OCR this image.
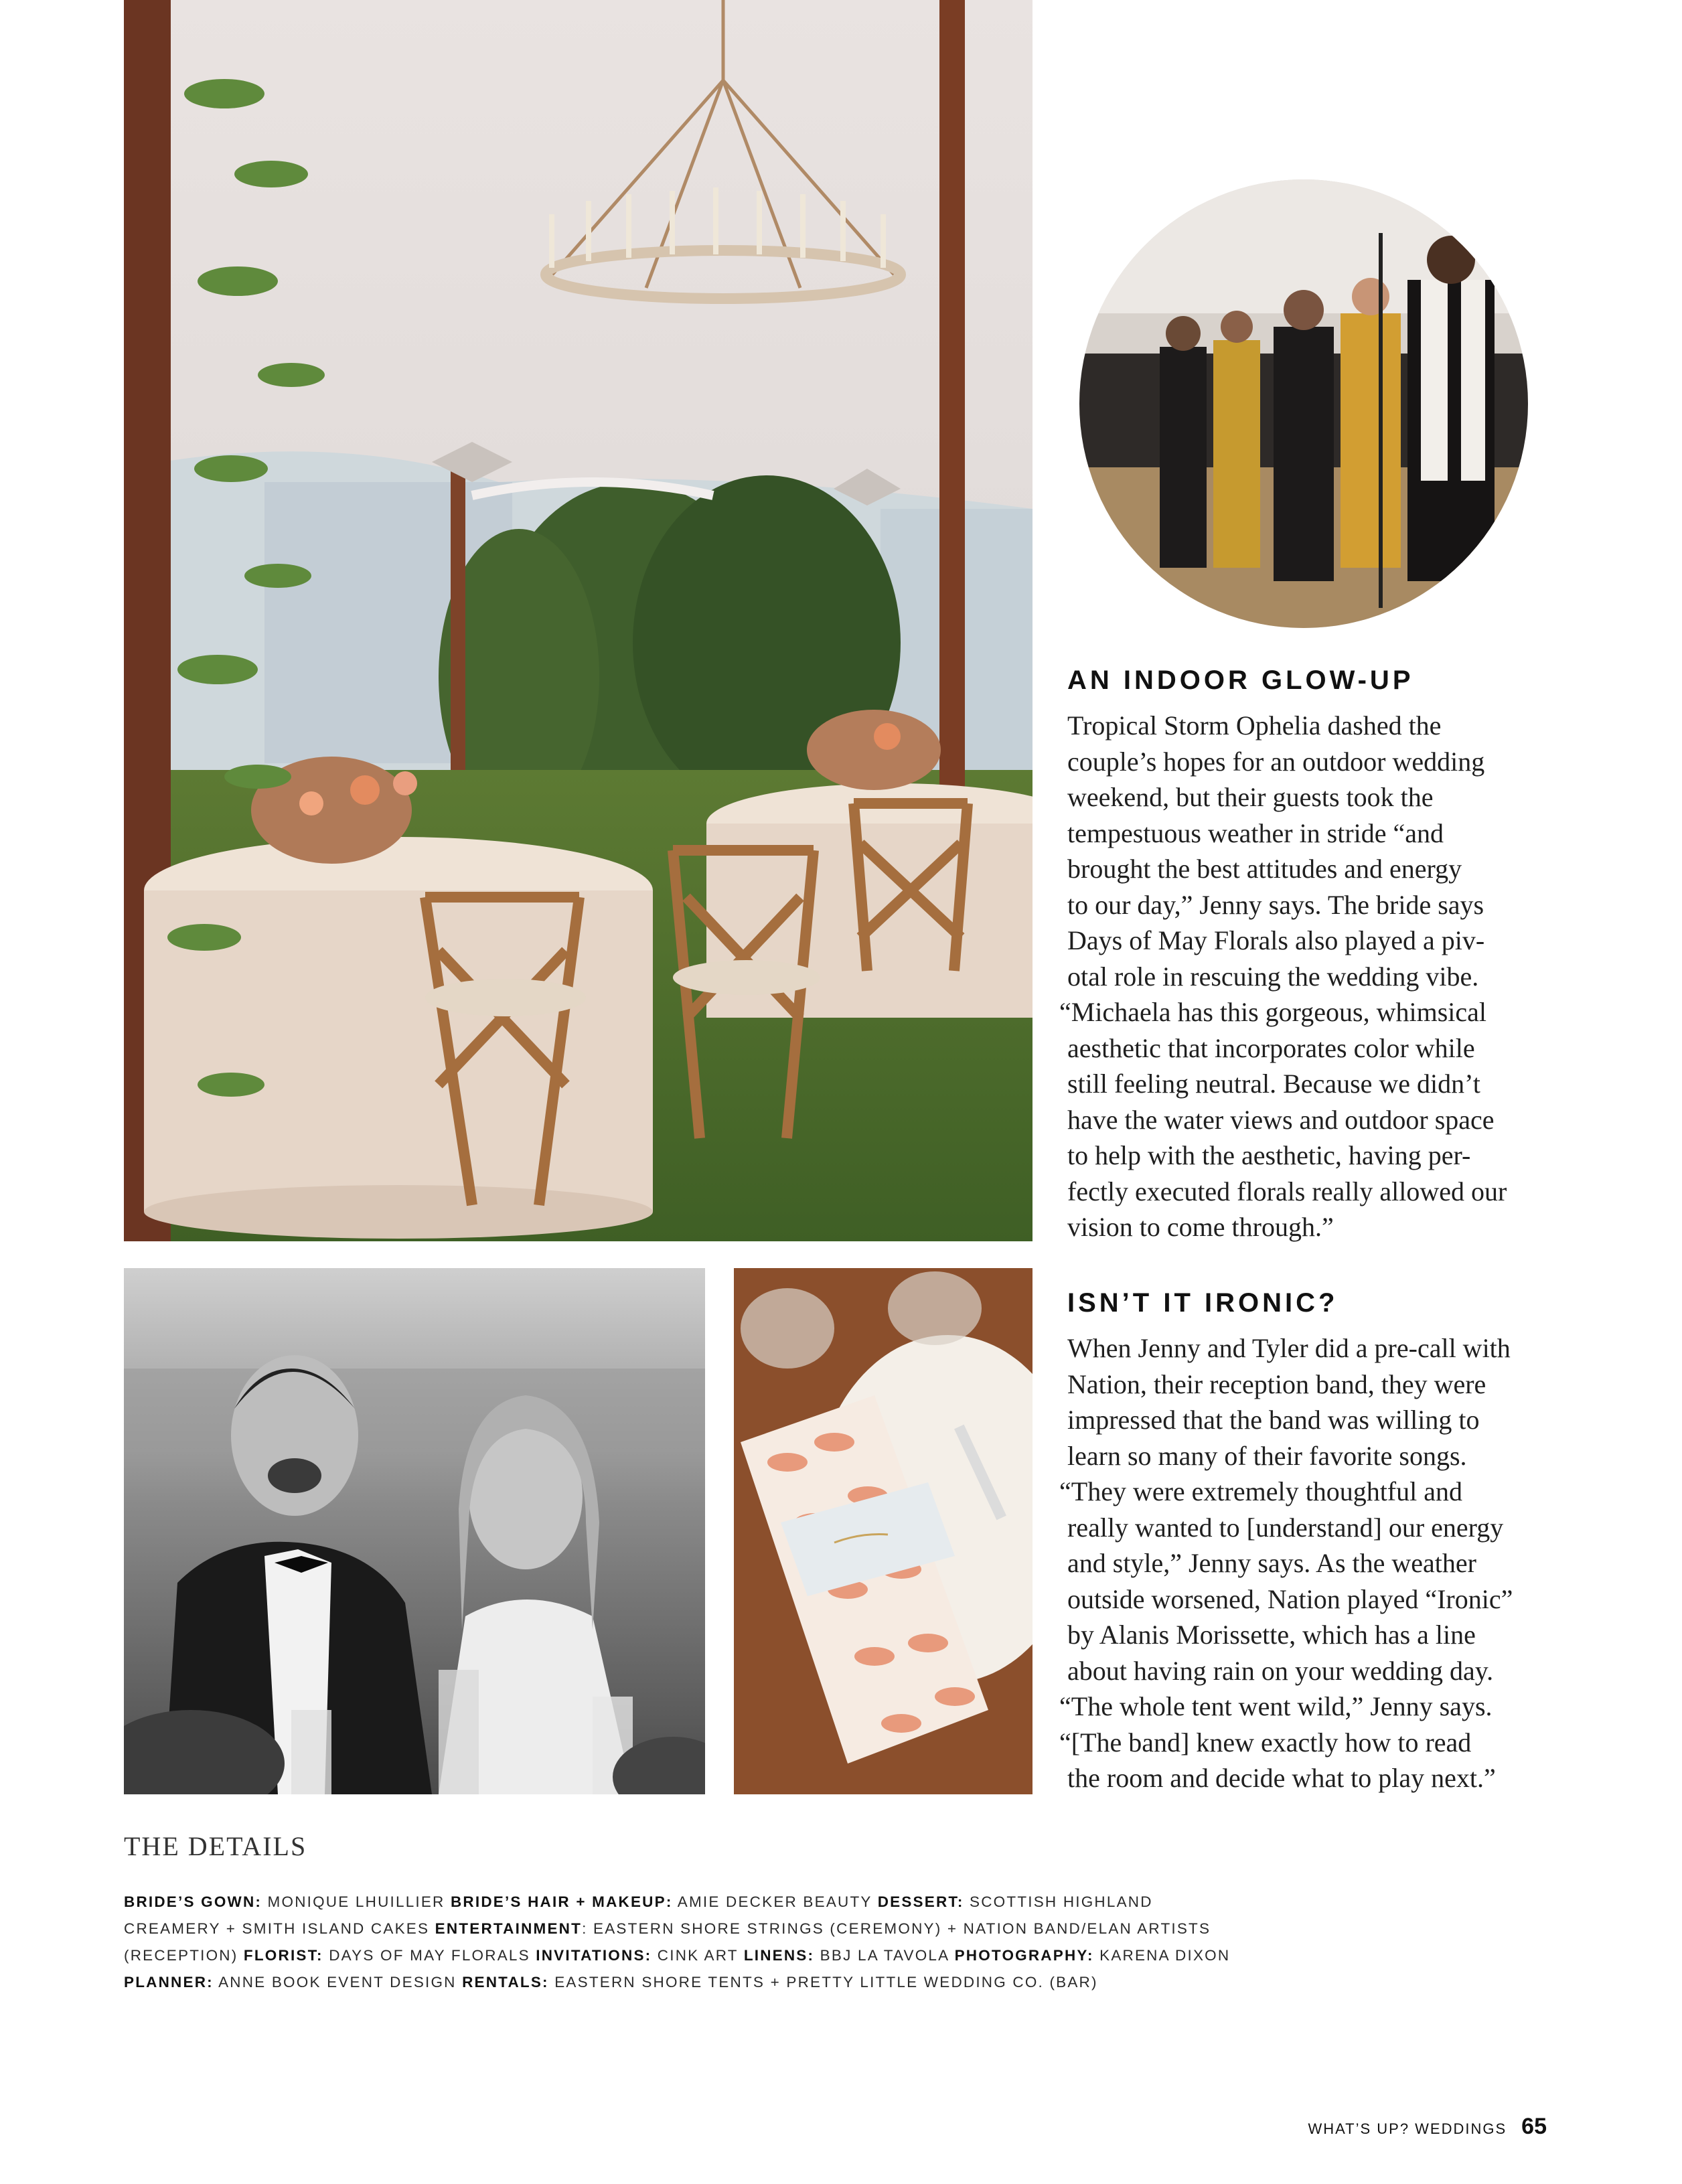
AN INDOOR GLOW-UP

Tropical Storm Ophelia dashed the

couple’s hopes for an outdoor wedding

weekend, but their guests took the

tempestuous weather in stride “and

brought the best attitudes and energy

to our day,” Jenny says. The bride says

Days of May Florals also played a piv-

otal role in rescuing the wedding vibe.

“Michaela has this gorgeous, whimsical

aesthetic that incorporates color while

still feeling neutral. Because we didn’t

have the water views and outdoor space

to help with the aesthetic, having per-

fectly executed florals really allowed our

vision to come through.”

ISN’T IT IRONIC?

When Jenny and Tyler did a pre-call with

Nation, their reception band, they were

impressed that the band was willing to

learn so many of their favorite songs.

“They were extremely thoughtful and

really wanted to [understand] our energy

and style,” Jenny says. As the weather

outside worsened, Nation played “Ironic”

by Alanis Morissette, which has a line

about having rain on your wedding day.

“The whole tent went wild,” Jenny says.

“[The band] knew exactly how to read

the room and decide what to play next.”

THE DETAILS
BRIDE’S GOWN: MONIQUE LHUILLIER BRIDE’S HAIR + MAKEUP: AMIE DECKER BEAUTY DESSERT: SCOTTISH HIGHLAND CREAMERY + SMITH ISLAND CAKES ENTERTAINMENT: EASTERN SHORE STRINGS (CEREMONY) + NATION BAND/ELAN ARTISTS (RECEPTION) FLORIST: DAYS OF MAY FLORALS INVITATIONS: CINK ART LINENS: BBJ LA TAVOLA PHOTOGRAPHY: KARENA DIXON PLANNER: ANNE BOOK EVENT DESIGN RENTALS: EASTERN SHORE TENTS + PRETTY LITTLE WEDDING CO. (BAR)
WHAT’S UP? WEDDINGS 65
